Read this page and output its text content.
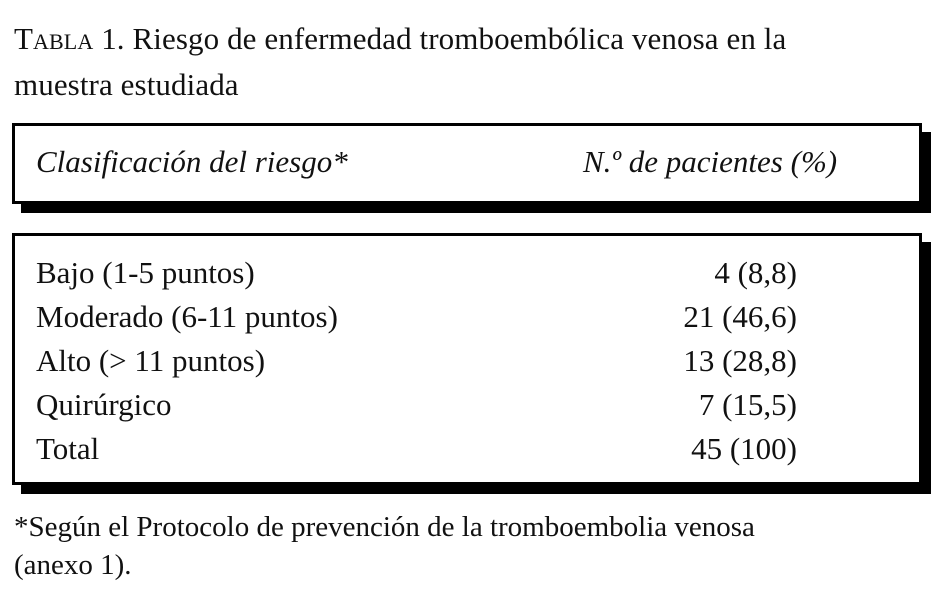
Tabla 1. Riesgo de enfermedad tromboembólica venosa en la
muestra estudiada
Clasificación del riesgo*	N.º de pacientes (%)
Bajo (1-5 puntos)	4 (8,8)
Moderado (6-11 puntos)	21 (46,6)
Alto (> 11 puntos)	13 (28,8)
Quirúrgico	7 (15,5)
Total	45 (100)
*Según el Protocolo de prevención de la tromboembolia venosa
(anexo 1).
